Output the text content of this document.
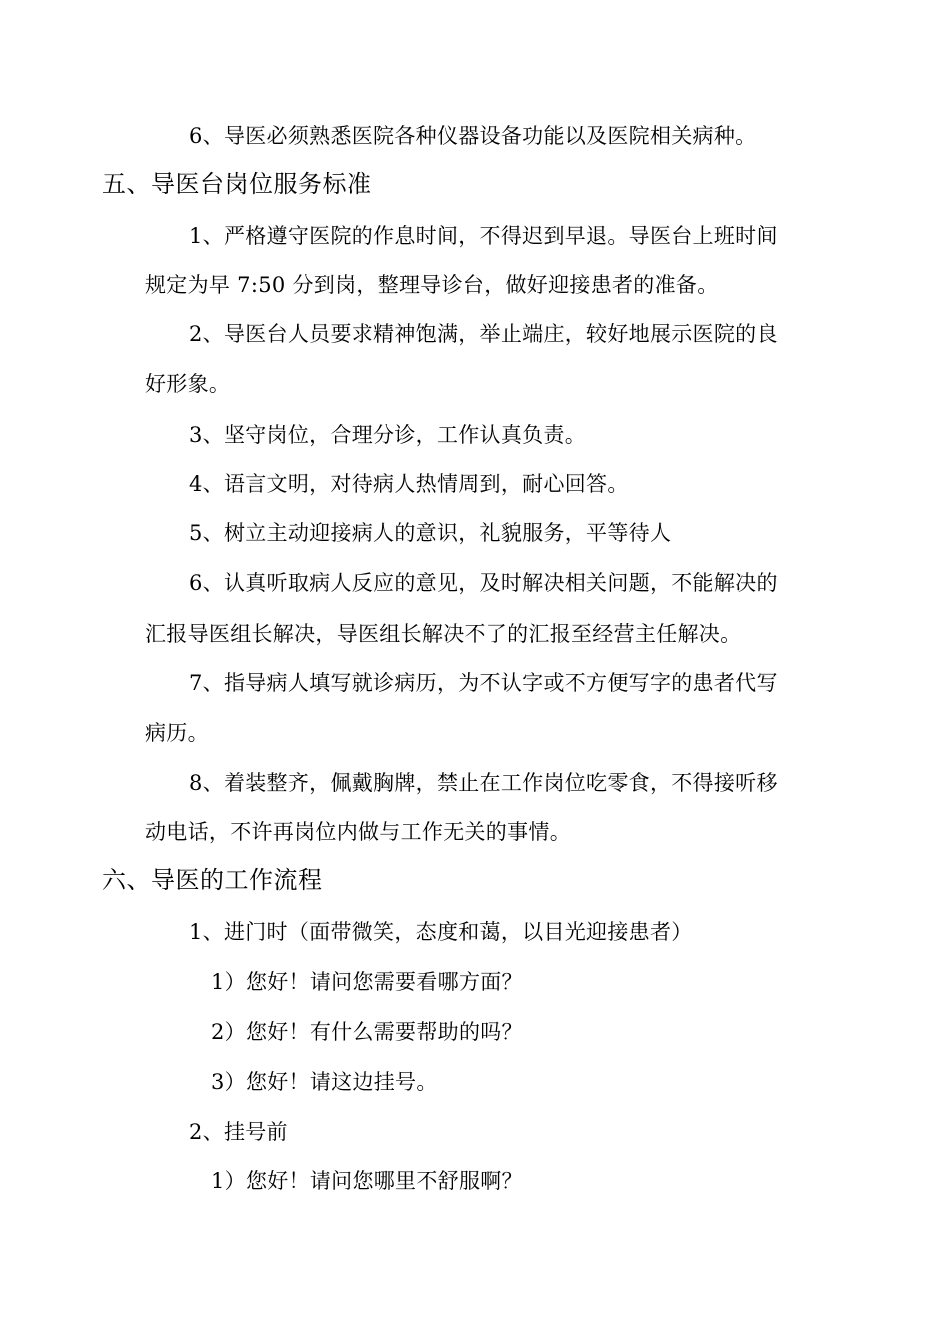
6、导医必须熟悉医院各种仪器设备功能以及医院相关病种。
五、导医台岗位服务标准
1、严格遵守医院的作息时间，不得迟到早退。导医台上班时间
规定为早 7:50 分到岗，整理导诊台，做好迎接患者的准备。
2、导医台人员要求精神饱满，举止端庄，较好地展示医院的良
好形象。
3、坚守岗位，合理分诊，工作认真负责。
4、语言文明，对待病人热情周到，耐心回答。
5、树立主动迎接病人的意识，礼貌服务，平等待人
6、认真听取病人反应的意见，及时解决相关问题，不能解决的
汇报导医组长解决，导医组长解决不了的汇报至经营主任解决。
7、指导病人填写就诊病历，为不认字或不方便写字的患者代写
病历。
8、着装整齐，佩戴胸牌，禁止在工作岗位吃零食，不得接听移
动电话，不许再岗位内做与工作无关的事情。
六、导医的工作流程
1、进门时（面带微笑，态度和蔼，以目光迎接患者）
1）您好！请问您需要看哪方面？
2）您好！有什么需要帮助的吗？
3）您好！请这边挂号。
2、挂号前
1）您好！请问您哪里不舒服啊？
